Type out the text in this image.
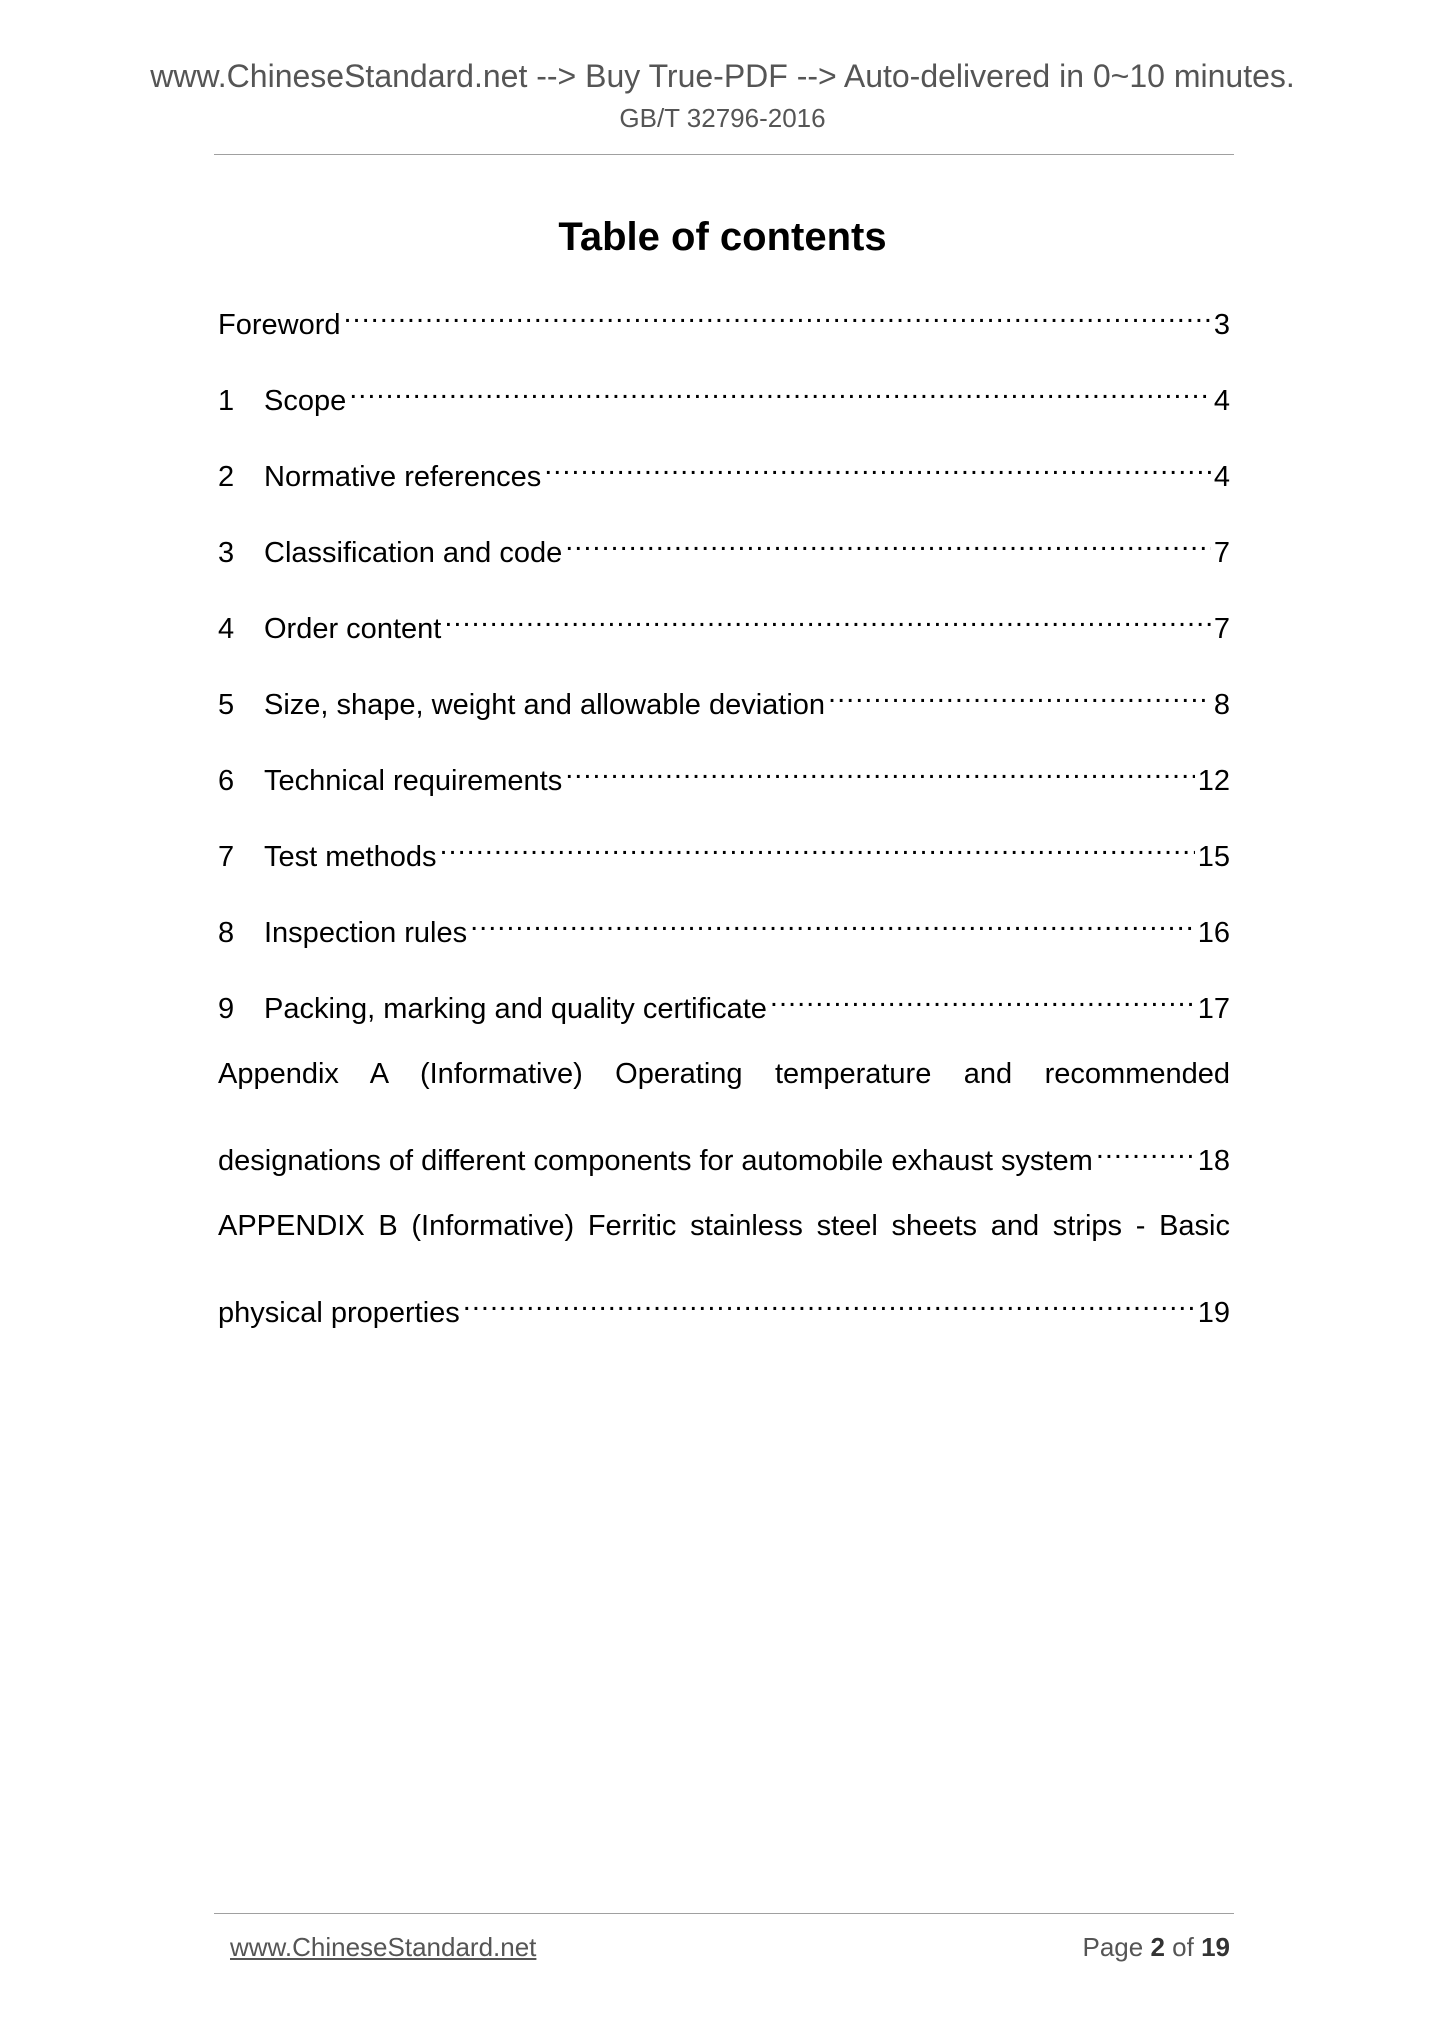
www.ChineseStandard.net --> Buy True-PDF --> Auto-delivered in 0~10 minutes.
GB/T 32796-2016
Table of contents
Foreword .....	3
1	Scope .....	4
2	Normative references .....	4
3	Classification and code .....	7
4	Order content .....	7
5	Size, shape, weight and allowable deviation .....	8
6	Technical requirements .....	12
7	Test methods .....	15
8	Inspection rules .....	16
9	Packing, marking and quality certificate .....	17
Appendix A (Informative) Operating temperature and recommended
designations of different components for automobile exhaust system .....	18
APPENDIX B (Informative) Ferritic stainless steel sheets and strips - Basic
physical properties .....	19
www.ChineseStandard.net	Page 2 of 19
